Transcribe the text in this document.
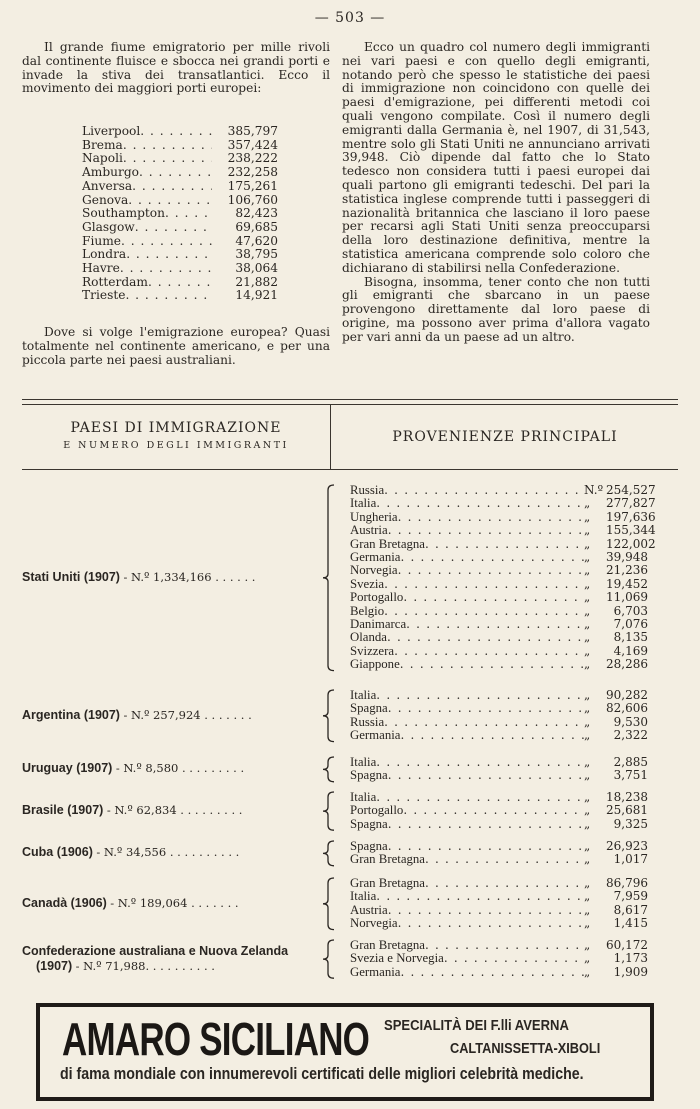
— 503 —

Il grande fiume emigratorio per mille rivoli dal continente fluisce e sbocca nei grandi porti e invade la stiva dei transatlantici. Ecco il movimento dei maggiori porti europei:

Liverpool . . .	385,797
Brema . . .	357,424
Napoli . . .	238,222
Amburgo . . .	232,258
Anversa . . .	175,261
Genova . . .	106,760
Southampton . . .	82,423
Glasgow . . .	69,685
Fiume . . .	47,620
Londra . . .	38,795
Havre . . .	38,064
Rotterdam . . .	21,882
Trieste . . .	14,921

Dove si volge l'emigrazione europea? Quasi totalmente nel continente americano, e per una piccola parte nei paesi australiani.

Ecco un quadro col numero degli immigranti nei vari paesi e con quello degli emigranti, notando però che spesso le statistiche dei paesi di immigrazione non coincidono con quelle dei paesi d'emigrazione, pei differenti metodi coi quali vengono compilate. Così il numero degli emigranti dalla Germania è, nel 1907, di 31,543, mentre solo gli Stati Uniti ne annunciano arrivati 39,948. Ciò dipende dal fatto che lo Stato tedesco non considera tutti i paesi europei dai quali partono gli emigranti tedeschi. Del pari la statistica inglese comprende tutti i passeggeri di nazionalità britannica che lasciano il loro paese per recarsi agli Stati Uniti senza preoccuparsi della loro destinazione definitiva, mentre la statistica americana comprende solo coloro che dichiarano di stabilirsi nella Confederazione.

Bisogna, insomma, tener conto che non tutti gli emigranti che sbarcano in un paese provengono direttamente dal loro paese di origine, ma possono aver prima d'allora vagato per vari anni da un paese ad un altro.

PAESI DI IMMIGRAZIONE
E NUMERO DEGLI IMMIGRANTI
PROVENIENZE PRINCIPALI
Russia . . .	N.º 254,527
Italia . . .	„	277,827
Ungheria . . .	„	197,636
Austria . . .	„	155,344
Gran Bretagna . . .	„	122,002
Germania . . .	„	39,948
Norvegia . . .	„	21,236
Svezia . . .	„	19,452
Portogallo . . .	„	11,069
Belgio . . .	„	6,703
Danimarca . . .	„	7,076
Olanda . . .	„	8,135
Svizzera . . .	„	4,169
Giappone . . .	„	28,286
Stati Uniti (1907) - N.º 1,334,166 . . . . . .
Italia . . .	„	90,282
Spagna . . .	„	82,606
Russia . . .	„	9,530
Germania . . .	„	2,322
Argentina (1907) - N.º 257,924 . . . . . . .
Italia . . .	„	2,885
Spagna . . .	„	3,751
Uruguay (1907) - N.º 8,580 . . . . . . . . .
Italia . . .	„	18,238
Portogallo . . .	„	25,681
Spagna . . .	„	9,325
Brasile (1907) - N.º 62,834 . . . . . . . . .
Spagna . . .	„	26,923
Gran Bretagna . . .	„	1,017
Cuba (1906) - N.º 34,556 . . . . . . . . . .
Gran Bretagna . . .	„	86,796
Italia . . .	„	7,959
Austria . . .	„	8,617
Norvegia . . .	„	1,415
Canadà (1906) - N.º 189,064 . . . . . . .
Gran Bretagna . . .	„	60,172
Svezia e Norvegia . . .	„	1,173
Germania . . .	„	1,909
Confederazione australiana e Nuova Zelanda
(1907) - N.º 71,988. . . . . . . . . .
AMARO SICILIANO SPECIALITÀ DEI F.lli AVERNA
CALTANISSETTA-XIBOLI
di fama mondiale con innumerevoli certificati delle migliori celebrità mediche.
